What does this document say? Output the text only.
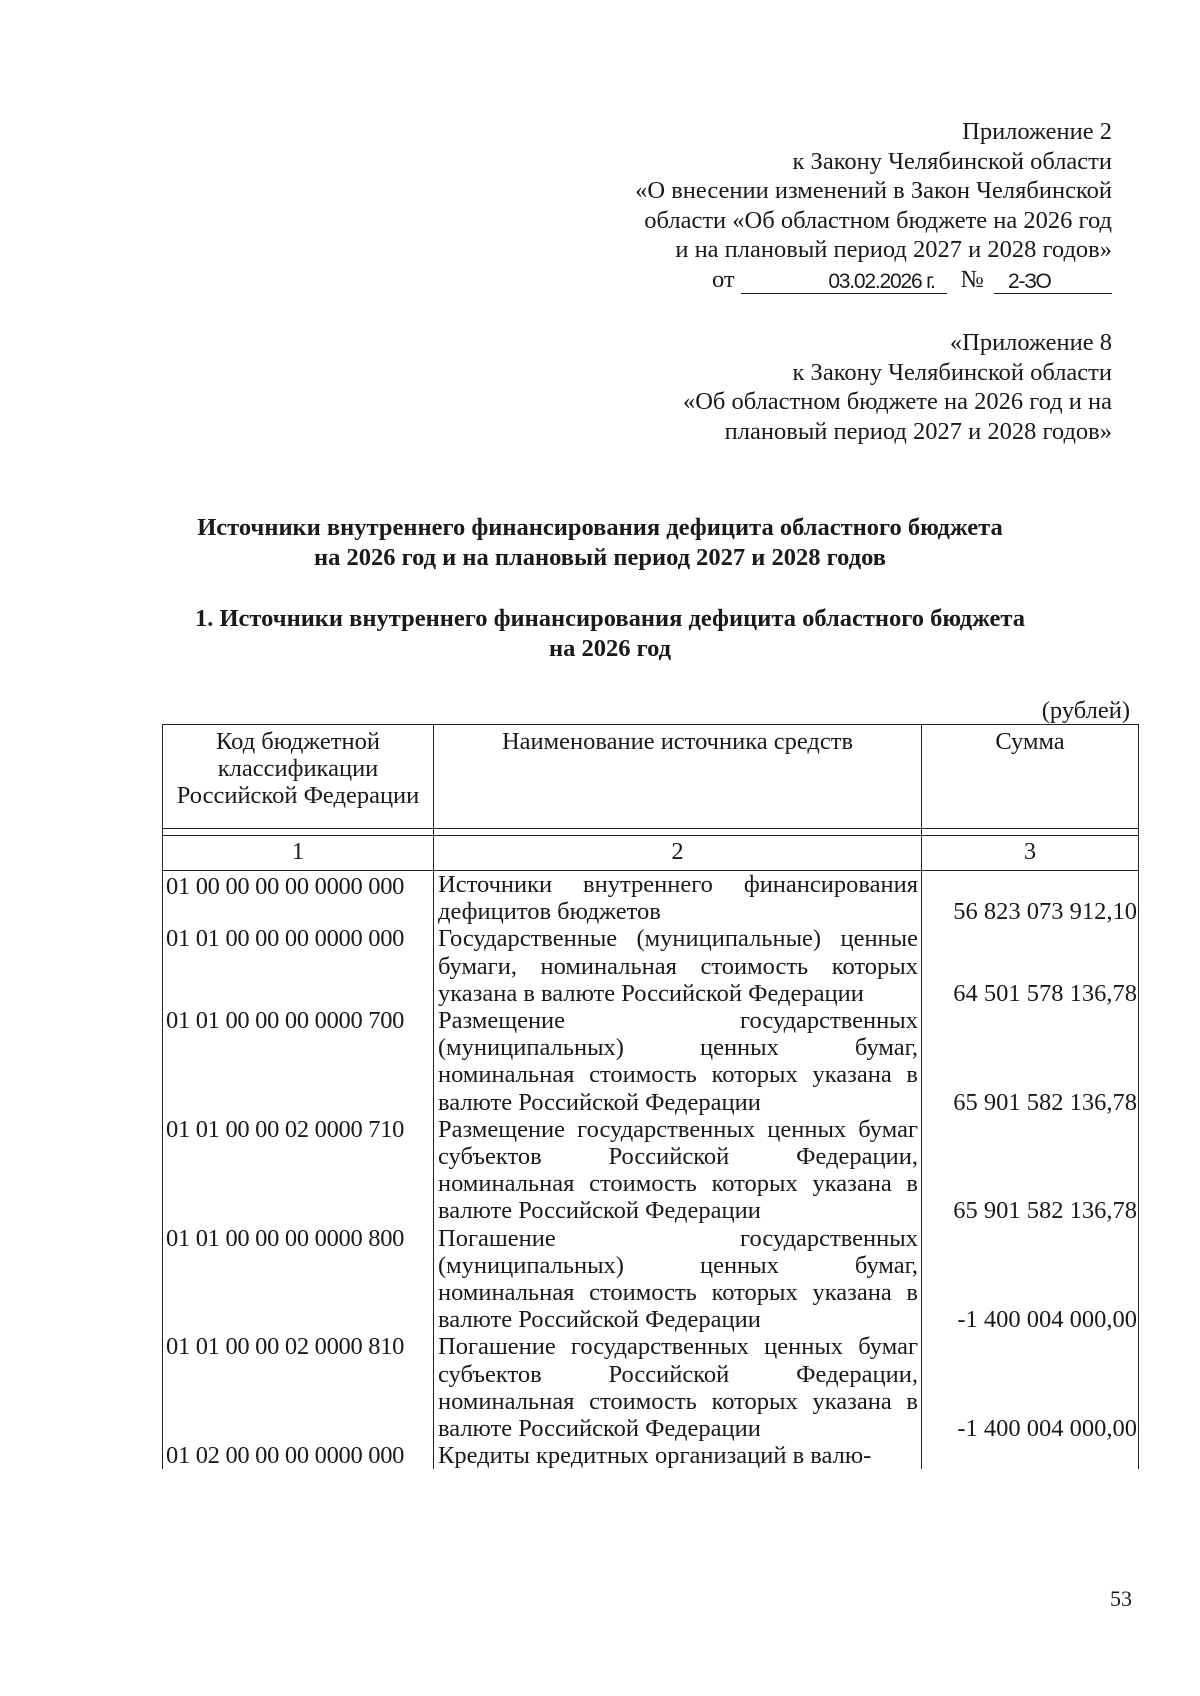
Приложение 2
к Закону Челябинской области
«О внесении изменений в Закон Челябинской
области «Об областном бюджете на 2026 год
и на плановый период 2027 и 2028 годов»
от	03.02.2026 г.	№	2-ЗО
«Приложение 8
к Закону Челябинской области
«Об областном бюджете на 2026 год и на
плановый период 2027 и 2028 годов»
Источники внутреннего финансирования дефицита областного бюджета
на 2026 год и на плановый период 2027 и 2028 годов
1. Источники внутреннего финансирования дефицита областного бюджета
на 2026 год
(рублей)
Код бюджетной классификации Российской Федерации	Наименование источника средств	Сумма

1	2	3
01 00 00 00 00 0000 000	Источники внутреннего финансирования дефицитов бюджетов	56 823 073 912,10
01 01 00 00 00 0000 000	Государственные (муниципальные) ценные бумаги, номинальная стоимость которых указана в валюте Российской Федерации	64 501 578 136,78
01 01 00 00 00 0000 700	Размещение государственных (муниципальных) ценных бумаг, номинальная стоимость которых указана в валюте Российской Федерации	65 901 582 136,78
01 01 00 00 02 0000 710	Размещение государственных ценных бумаг субъектов Российской Федерации, номинальная стоимость которых указана в валюте Российской Федерации	65 901 582 136,78
01 01 00 00 00 0000 800	Погашение государственных (муниципальных) ценных бумаг, номинальная стоимость которых указана в валюте Российской Федерации	-1 400 004 000,00
01 01 00 00 02 0000 810	Погашение государственных ценных бумаг субъектов Российской Федерации, номинальная стоимость которых указана в валюте Российской Федерации	-1 400 004 000,00
01 02 00 00 00 0000 000	Кредиты кредитных организаций в валю-	
53
